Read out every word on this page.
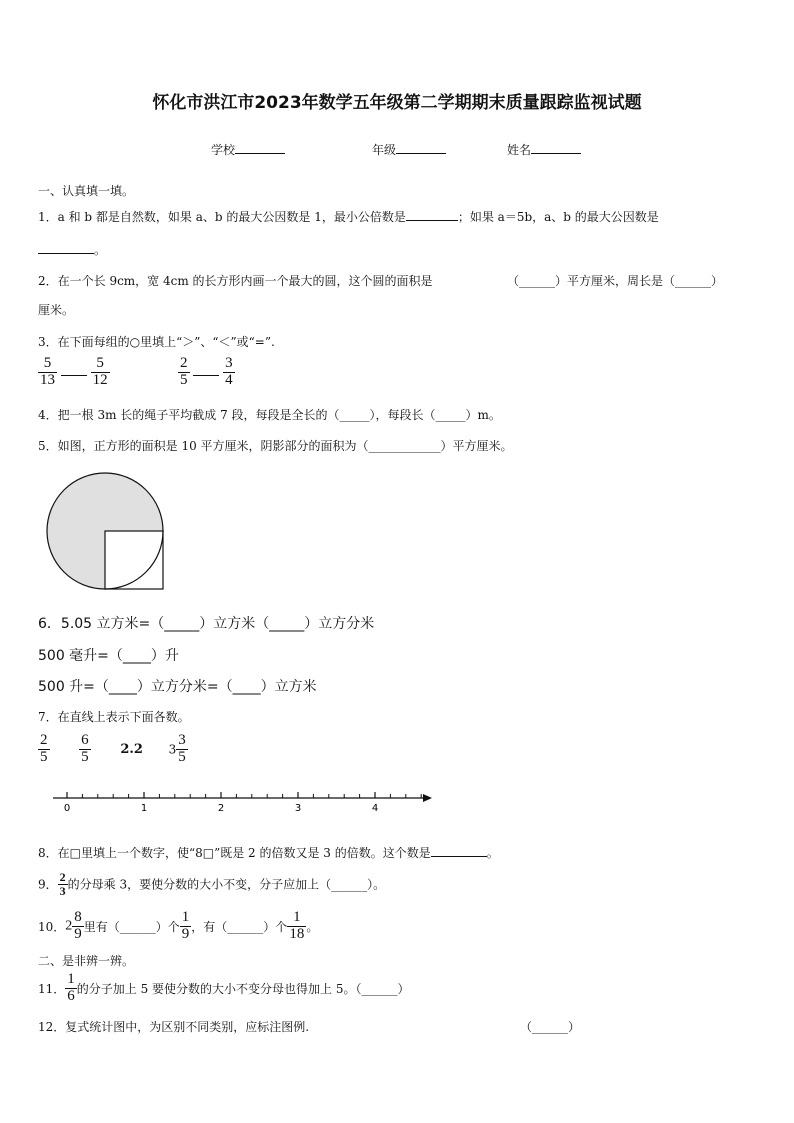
怀化市洪江市2023年数学五年级第二学期期末质量跟踪监视试题
学校	年级	姓名
一、认真填一填。
1．a 和 b 都是自然数，如果 a、b 的最大公因数是 1，最小公倍数是	；如果 a＝5b，a、b 的最大公因数是
。
2．在一个长 9cm，宽 4cm 的长方形内画一个最大的圆，这个圆的面积是	（______）平方厘米，周长是（______）
厘米。
3．在下面每组的○里填上“＞”、“＜”或“=”.
$\frac{5}{13}$
$\frac{5}{12}$	$\frac{2}{5}$
$\frac{3}{4}$
4．把一根 3m 长的绳子平均截成 7 段，每段是全长的（_____），每段长（_____）m。
5．如图，正方形的面积是 10 平方厘米，阴影部分的面积为（____________）平方厘米。
6．5.05 立方米=（_____）立方米（_____）立方分米
500 毫升=（____）升
500 升=（____）立方分米=（____）立方米
7．在直线上表示下面各数。
$\frac{2}{5}$
$\frac{6}{5} 2.2$ $3 \frac{3}{5}$
0	1	2	3	4
8．在□里填上一个数字，使“8□”既是 2 的倍数又是 3 的倍数。这个数是	。
9． $\frac{2}{3}$ 的分母乘 3，要使分数的大小不变，分子应加上（______）。
10．$2 \frac{8}{9}$ 里有（______）个 $\frac{1}{9}$ ，有（______）个 $\frac{1}{18}$ 。
二、是非辨一辨。
11． $\frac{1}{6}$ 的分子加上 5 要使分数的大小不变分母也得加上 5。（______）
12．复式统计图中，为区别不同类别，应标注图例.	（______）
